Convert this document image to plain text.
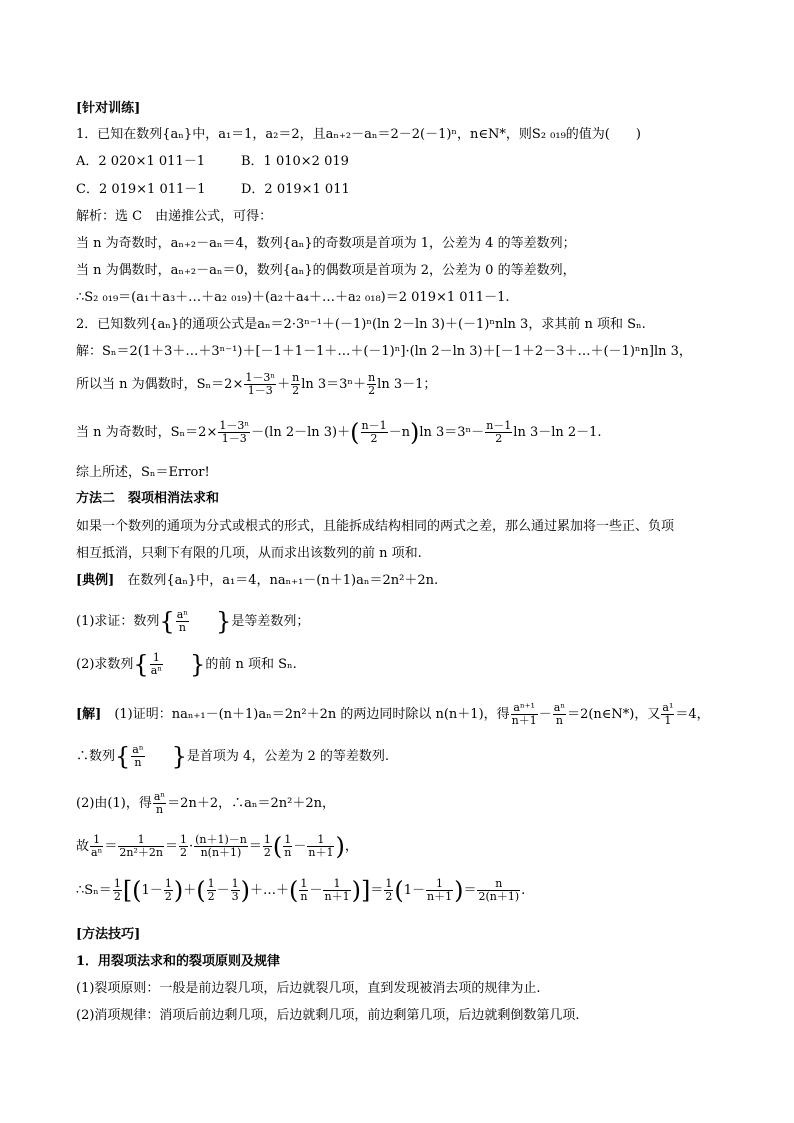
[针对训练]
1．已知在数列{aₙ}中，a₁＝1，a₂＝2，且aₙ₊₂－aₙ＝2－2(－1)ⁿ，n∈N*，则S₂ ₀₁₉的值为(　　)
A．2 020×1 011－1	B．1 010×2 019
C．2 019×1 011－1	D．2 019×1 011
解析：选 C　由递推公式，可得：
当 n 为奇数时，aₙ₊₂－aₙ＝4，数列{aₙ}的奇数项是首项为 1，公差为 4 的等差数列；
当 n 为偶数时，aₙ₊₂－aₙ＝0，数列{aₙ}的偶数项是首项为 2，公差为 0 的等差数列，
∴S₂ ₀₁₉＝(a₁＋a₃＋…＋a₂ ₀₁₉)＋(a₂＋a₄＋…＋a₂ ₀₁₈)＝2 019×1 011－1.
2．已知数列{aₙ}的通项公式是aₙ＝2·3ⁿ⁻¹＋(－1)ⁿ(ln 2－ln 3)＋(－1)ⁿnln 3，求其前 n 项和 Sₙ.
解：Sₙ＝2(1＋3＋…＋3ⁿ⁻¹)＋[－1＋1－1＋…＋(－1)ⁿ]·(ln 2－ln 3)＋[－1＋2－3＋…＋(－1)ⁿn]ln 3，
所以当 n 为偶数时，$S_n=2\times \frac{\text{1－3ⁿ}}{1-3} + \frac{n}{2}$ $\ln 3=3^n+ \frac{n}{2}$ ln 3－1；
当 n 为奇数时，$S_n=2\times \frac{\text{1－3ⁿ}}{1-3} -(\ln$ 2－ln $3)+( \frac{n-1}{2} -n)\ln$ $3=3^n- \frac{n-1}{2}$ ln 3－ln 2－1.
综上所述，Sₙ＝Error!
方法二　裂项相消法求和
如果一个数列的通项为分式或根式的形式，且能拆成结构相同的两式之差，那么通过累加将一些正、负项
相互抵消，只剩下有限的几项，从而求出该数列的前 n 项和.
[典例]　 在数列{aₙ}中，a₁＝4，naₙ₊₁－(n＋1)aₙ＝2n²＋2n.
(1)求证：数列{ $\frac{\text{aⁿ}}{n}$
　　 }是等差数列；
(2)求数列{ $\frac{1}{\text{aⁿ}}$
　　 }的前 n 项和 Sₙ.
[解]　 (1)证明：naₙ₊₁－(n＋1)aₙ＝2n²＋2n 的两边同时除以 n(n＋1)，得 $\frac{\text{aⁿ⁺¹}}{n+1} - \frac{\text{aⁿ}}{n}$ ＝2(n∈N*)，又 $\frac{\text{a¹}}{1} =4$，
∴数列{ $\frac{\text{aⁿ}}{n}$
　　 }是首项为 4，公差为 2 的等差数列.
(2)由(1)，得 $\frac{\text{aⁿ}}{n} =2n+2$，∴aₙ＝2n²＋2n，
故 $\frac{1}{\text{aⁿ}} = \frac{1}{\text{2n²＋2n}} = \frac{1}{2} \cdot \frac{(n+1)-n}{n(n+1)} = \frac{1}{2}$ ( $\frac{1}{n} - \frac{1}{n+1}$ )，
∴Sₙ＝ $\frac{1}{2} [(1- \frac{1}{2}$ )＋( $\frac{1}{2} - \frac{1}{3}$ )＋…＋( $\frac{1}{n} - \frac{1}{n+1}$ )]＝ $\frac{1}{2} (1- \frac{1}{n+1}$ )＝ $\frac{n}{2(n+1)}$ .
[方法技巧]
1．用裂项法求和的裂项原则及规律
(1)裂项原则：一般是前边裂几项，后边就裂几项，直到发现被消去项的规律为止.
(2)消项规律：消项后前边剩几项，后边就剩几项，前边剩第几项，后边就剩倒数第几项.
